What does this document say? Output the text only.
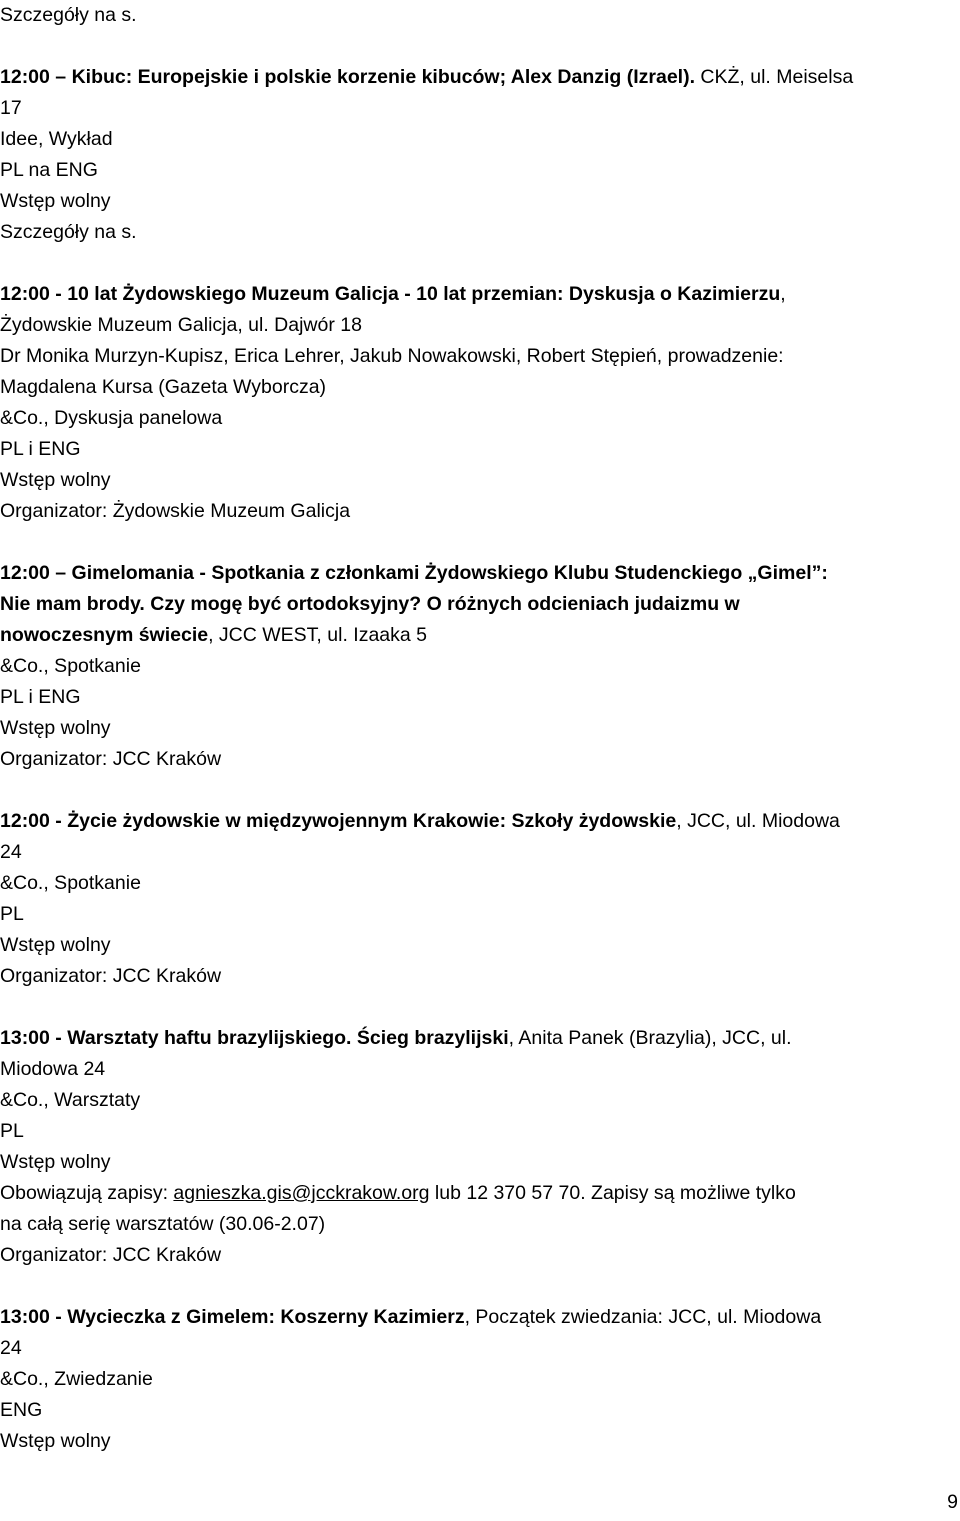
Szczegóły na s.
12:00 – Kibuc: Europejskie i polskie korzenie kibuców; Alex Danzig (Izrael). CKŻ, ul. Meiselsa
17
Idee, Wykład
PL na ENG
Wstęp wolny
Szczegóły na s.
12:00 - 10 lat Żydowskiego Muzeum Galicja - 10 lat przemian: Dyskusja o Kazimierzu,
Żydowskie Muzeum Galicja, ul. Dajwór 18
Dr Monika Murzyn-Kupisz, Erica Lehrer, Jakub Nowakowski, Robert Stępień, prowadzenie:
Magdalena Kursa (Gazeta Wyborcza)
&Co., Dyskusja panelowa
PL i ENG
Wstęp wolny
Organizator: Żydowskie Muzeum Galicja
12:00 – Gimelomania - Spotkania z członkami Żydowskiego Klubu Studenckiego „Gimel”:
Nie mam brody. Czy mogę być ortodoksyjny? O różnych odcieniach judaizmu w
nowoczesnym świecie, JCC WEST, ul. Izaaka 5
&Co., Spotkanie
PL i ENG
Wstęp wolny
Organizator: JCC Kraków
12:00 - Życie żydowskie w międzywojennym Krakowie: Szkoły żydowskie, JCC, ul. Miodowa
24
&Co., Spotkanie
PL
Wstęp wolny
Organizator: JCC Kraków
13:00 - Warsztaty haftu brazylijskiego. Ścieg brazylijski, Anita Panek (Brazylia), JCC, ul.
Miodowa 24
&Co., Warsztaty
PL
Wstęp wolny
Obowiązują zapisy: agnieszka.gis@jcckrakow.org lub 12 370 57 70. Zapisy są możliwe tylko
na całą serię warsztatów (30.06-2.07)
Organizator: JCC Kraków
13:00 - Wycieczka z Gimelem: Koszerny Kazimierz, Początek zwiedzania: JCC, ul. Miodowa
24
&Co., Zwiedzanie
ENG
Wstęp wolny
9
